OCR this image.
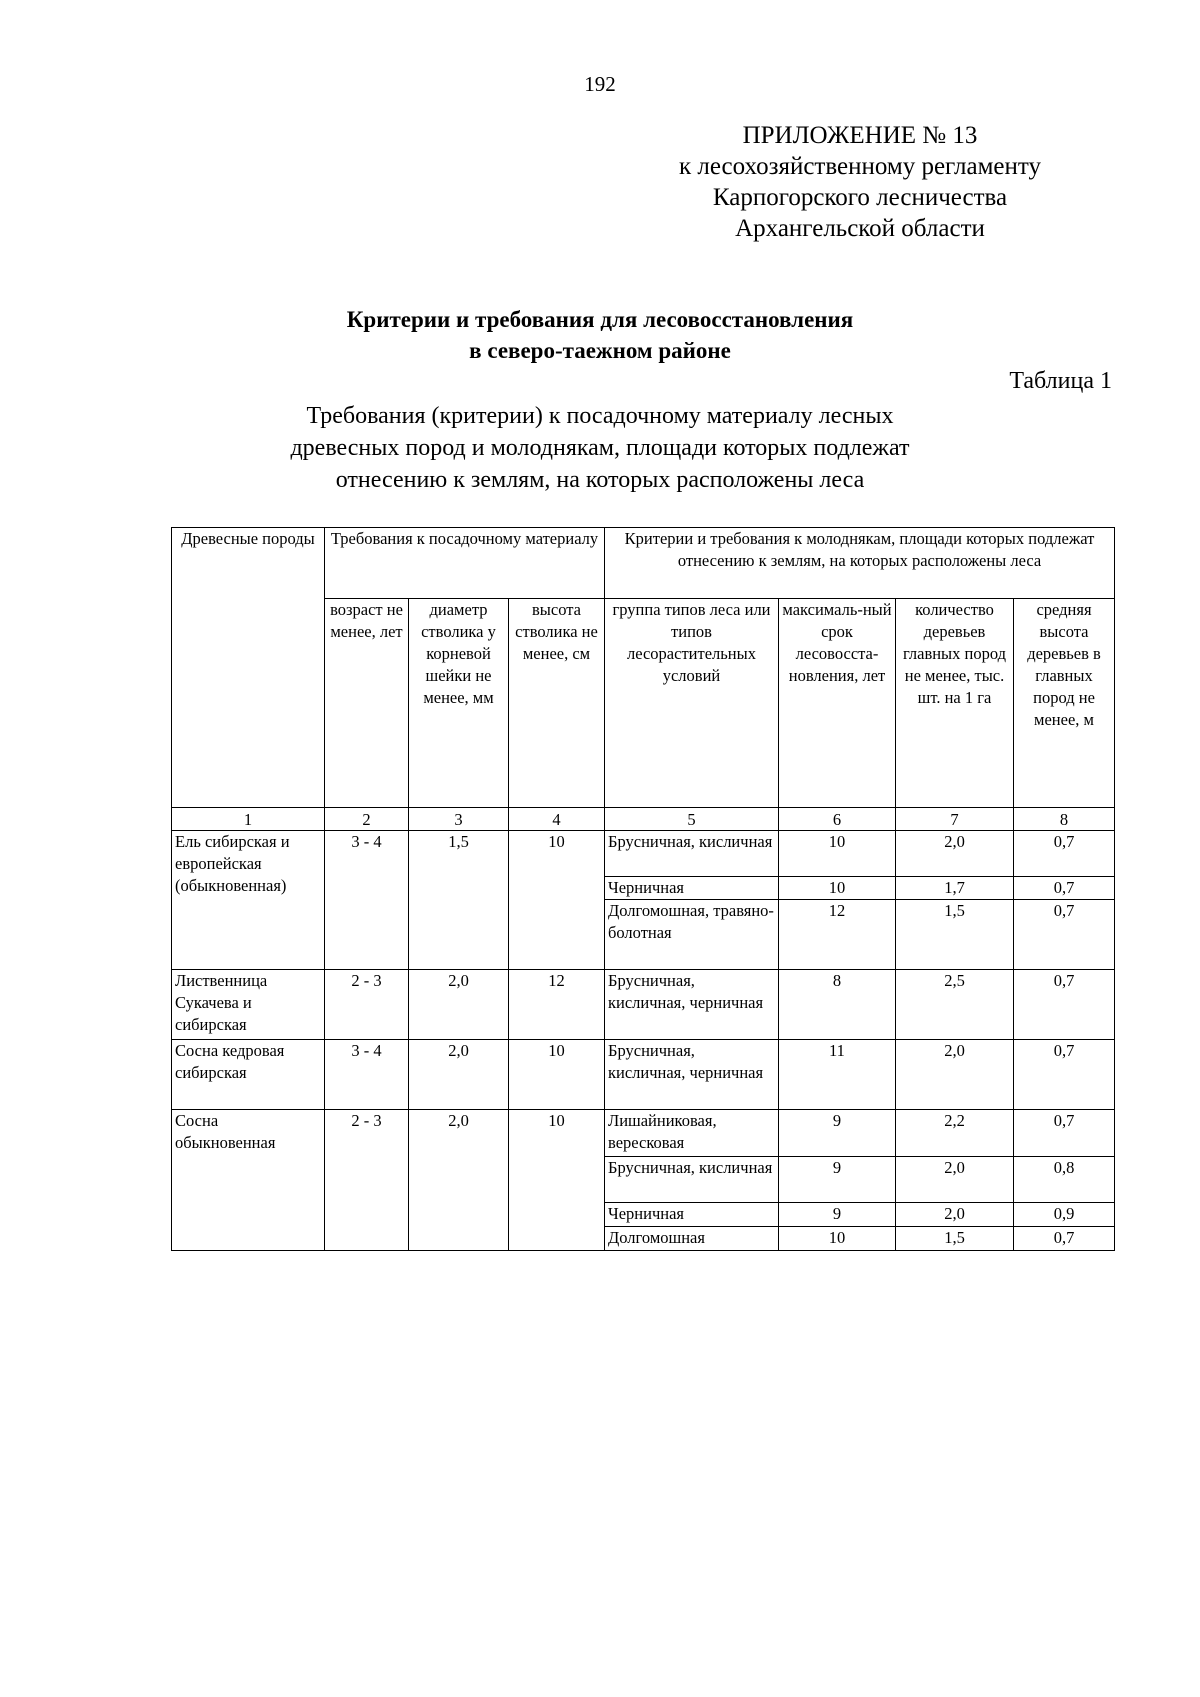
192
ПРИЛОЖЕНИЕ № 13
к лесохозяйственному регламенту
Карпогорского лесничества
Архангельской области
Критерии и требования для лесовосстановления
в северо-таежном районе
Таблица 1
Требования (критерии) к посадочному материалу лесных
древесных пород и молоднякам, площади которых подлежат
отнесению к землям, на которых расположены леса
Древесные породы	Требования к посадочному материалу			Критерии и требования к молоднякам, площади которых подлежат отнесению к землям, на которых расположены леса			
	возраст не менее, лет	диаметр стволика у корневой шейки не менее, мм	высота стволика не менее, см	группа типов леса или типов лесорастительных условий	максималь-ный срок лесовосста-новления, лет	количество деревьев главных пород не менее, тыс. шт. на 1 га	средняя высота деревьев в главных пород не менее, м
1	2	3	4	5	6	7	8
Ель сибирская и европейская (обыкновенная)	3 - 4	1,5	10	Брусничная, кисличная	10	2,0	0,7
				Черничная	10	1,7	0,7
				Долгомошная, травяно-болотная	12	1,5	0,7
Лиственница Сукачева и сибирская	2 - 3	2,0	12	Брусничная, кисличная, черничная	8	2,5	0,7
Сосна кедровая сибирская	3 - 4	2,0	10	Брусничная, кисличная, черничная	11	2,0	0,7
Сосна обыкновенная	2 - 3	2,0	10	Лишайниковая, вересковая	9	2,2	0,7
				Брусничная, кисличная	9	2,0	0,8
				Черничная	9	2,0	0,9
				Долгомошная	10	1,5	0,7
